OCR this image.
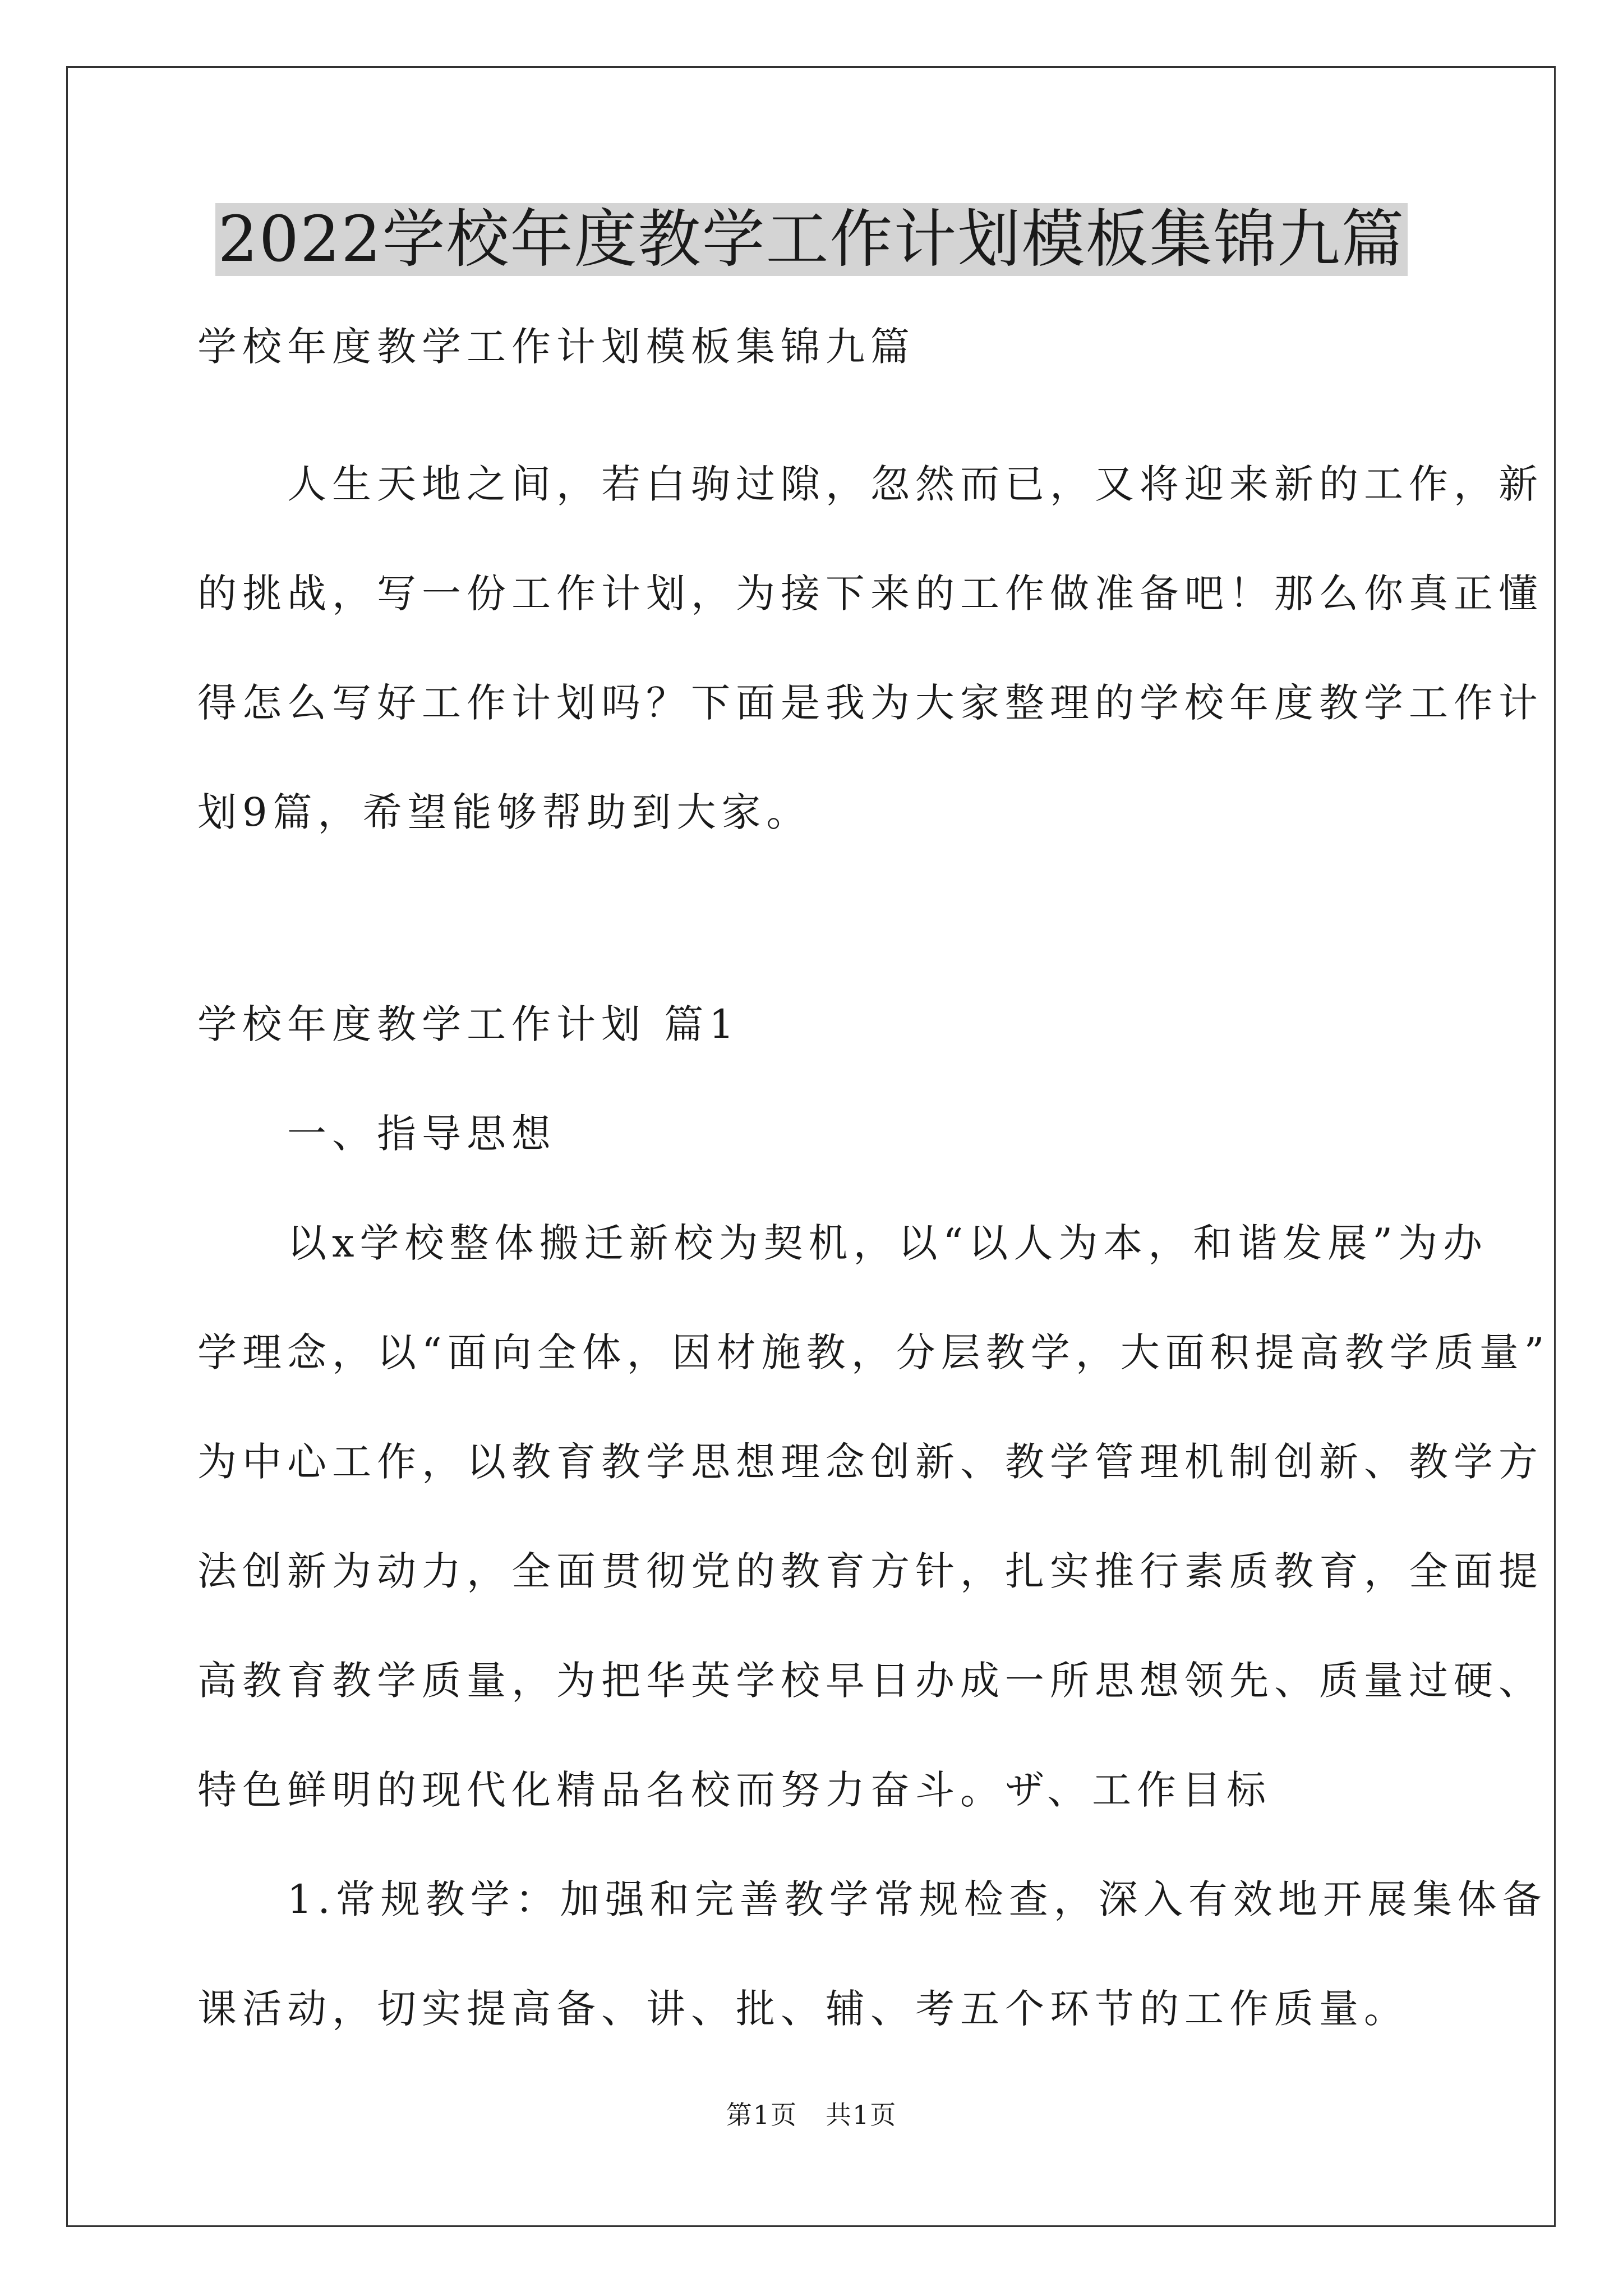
2022学校年度教学工作计划模板集锦九篇
学校年度教学工作计划模板集锦九篇
　　人生天地之间，若白驹过隙，忽然而已，又将迎来新的工作，新
的挑战，写一份工作计划，为接下来的工作做准备吧！那么你真正懂
得怎么写好工作计划吗？下面是我为大家整理的学校年度教学工作计
划9篇，希望能够帮助到大家。
学校年度教学工作计划 篇1
　　一、指导思想
　　以x学校整体搬迁新校为契机，以“以人为本，和谐发展”为办
学理念，以“面向全体，因材施教，分层教学，大面积提高教学质量”
为中心工作，以教育教学思想理念创新、教学管理机制创新、教学方
法创新为动力，全面贯彻党的教育方针，扎实推行素质教育，全面提
高教育教学质量，为把华英学校早日办成一所思想领先、质量过硬、
特色鲜明的现代化精品名校而努力奋斗。ザ、工作目标
　　1.常规教学：加强和完善教学常规检查，深入有效地开展集体备
课活动，切实提高备、讲、批、辅、考五个环节的工作质量。
第1页 共1页
